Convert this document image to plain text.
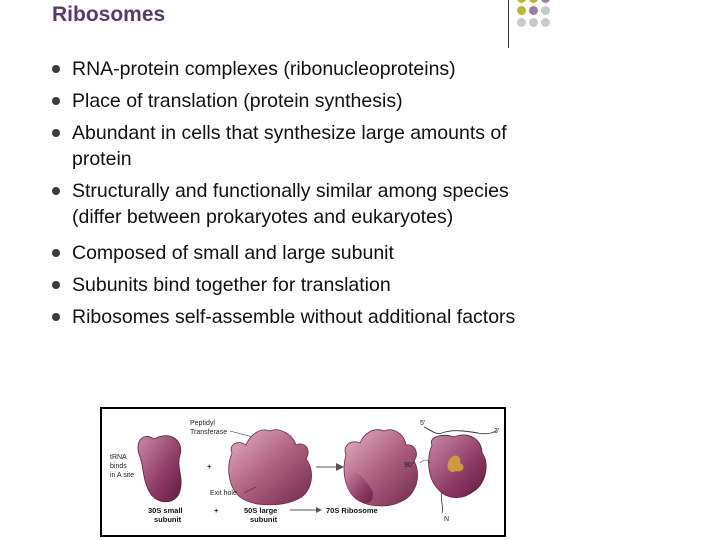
Ribosomes
RNA-protein complexes (ribonucleoproteins)
Place of translation (protein synthesis)
Abundant in cells that synthesize large amounts of protein
Structurally and functionally similar among species (differ between prokaryotes and eukaryotes)
Composed of small and large subunit
Subunits bind together for translation
Ribosomes self-assemble without additional factors
tRNA
binds
in A site
+
Peptidyl
Transferase
Exit hole
5'
3'
90°
N
30S small
subunit
+	50S large
subunit
70S Ribosome
